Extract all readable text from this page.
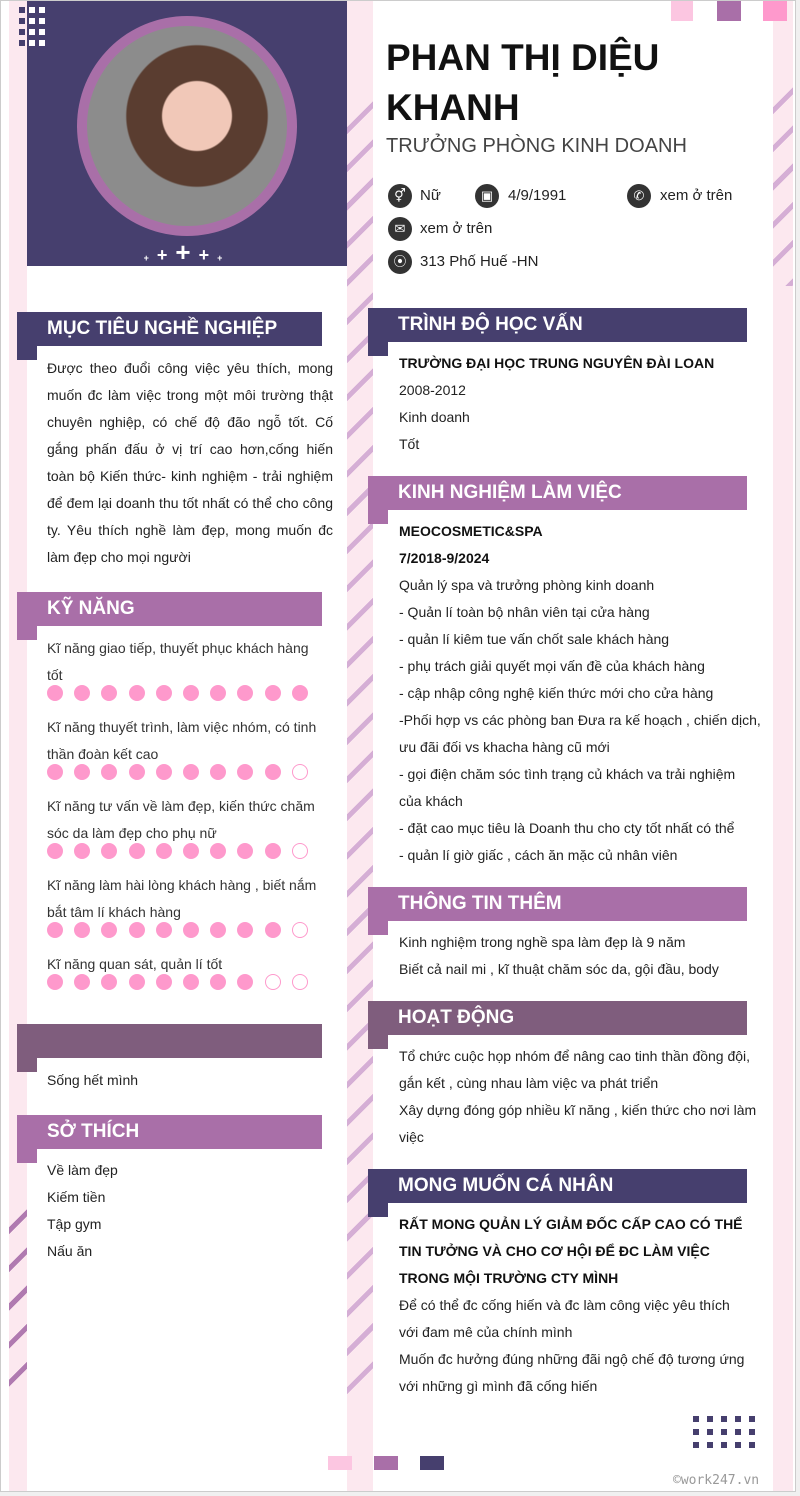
+++++
PHAN THỊ DIỆU
KHANH
TRƯỞNG PHÒNG KINH DOANH
⚥ Nữ	▣ 4/9/1991	✆	xem ở trên
✉ xem ở trên
⦿ 313 Phố Huế -HN
MỤC TIÊU NGHỀ NGHIỆP
Được theo đuổi công việc yêu thích, mong muốn đc làm việc trong một môi trường thật chuyên nghiệp, có chế độ đão ngỗ tốt. Cố gắng phấn đấu ở vị trí cao hơn,cống hiến toàn bộ Kiến thức- kinh nghiệm - trải nghiệm để đem lại doanh thu tốt nhất có thể cho công ty. Yêu thích nghề làm đẹp, mong muốn đc làm đẹp cho mọi người
KỸ NĂNG
Kĩ năng giao tiếp, thuyết phục khách hàng
tốt
Kĩ năng thuyết trình, làm việc nhóm, có tinh
thần đoàn kết cao
Kĩ năng tư vấn về làm đẹp, kiến thức chăm
sóc da làm đẹp cho phụ nữ
Kĩ năng làm hài lòng khách hàng , biết nắm
bắt tâm lí khách hàng
Kĩ năng quan sát, quản lí tốt
Sống hết mình
SỞ THÍCH
Về làm đẹp
Kiếm tiền
Tập gym
Nấu ăn
TRÌNH ĐỘ HỌC VẤN
TRƯỜNG ĐẠI HỌC TRUNG NGUYÊN ĐÀI LOAN
2008-2012
Kinh doanh
Tốt
KINH NGHIỆM LÀM VIỆC
MEOCOSMETIC&SPA
7/2018-9/2024
Quản lý spa và trưởng phòng kinh doanh
- Quản lí toàn bộ nhân viên tại cửa hàng
- quản lí kiêm tue vấn chốt sale khách hàng
- phụ trách giải quyết mọi vấn đề của khách hàng
- cập nhập công nghệ kiến thức mới cho cửa hàng
-Phối hợp vs các phòng ban Đưa ra kế hoạch , chiến dịch,
ưu đãi đối vs khacha hàng cũ mới
- gọi điện chăm sóc tình trạng củ khách va trải nghiệm
của khách
- đặt cao mục tiêu là Doanh thu cho cty tốt nhất có thể
- quản lí giờ giấc , cách ăn mặc củ nhân viên
THÔNG TIN THÊM
Kinh nghiệm trong nghề spa làm đẹp là 9 năm
Biết cả nail mi , kĩ thuật chăm sóc da, gội đầu, body
HOẠT ĐỘNG
Tổ chức cuộc họp nhóm để nâng cao tinh thần đồng đội,
gắn kết , cùng nhau làm việc va phát triển
Xây dựng đóng góp nhiều kĩ năng , kiến thức cho nơi làm
việc
MONG MUỐN CÁ NHÂN
RẤT MONG QUẢN LÝ GIẢM ĐỐC CẤP CAO CÓ THỂ
TIN TƯỞNG VÀ CHO CƠ HỘI ĐỂ ĐC LÀM VIỆC
TRONG MỘI TRƯỜNG CTY MÌNH
Để có thể đc cống hiến và đc làm công việc yêu thích
với đam mê của chính mình
Muốn đc hưởng đúng những đãi ngộ chế độ tương ứng
với những gì mình đã cống hiến
©work247.vn
